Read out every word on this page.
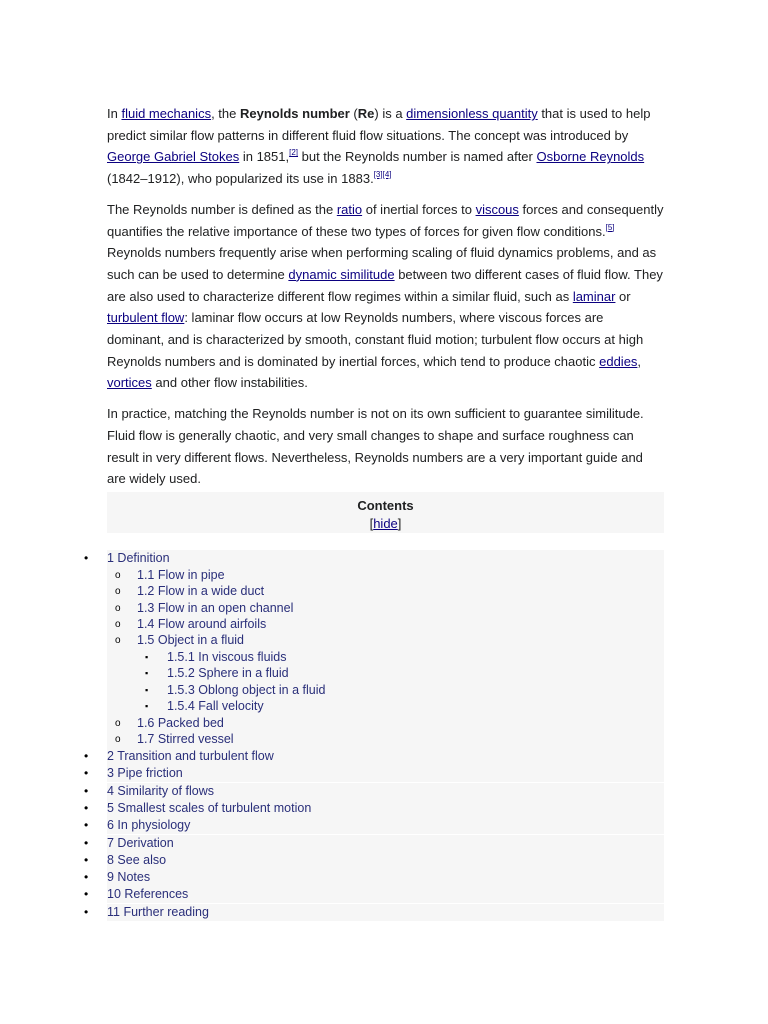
In fluid mechanics, the Reynolds number (Re) is a dimensionless quantity that is used to help predict similar flow patterns in different fluid flow situations. The concept was introduced by George Gabriel Stokes in 1851,[2] but the Reynolds number is named after Osborne Reynolds (1842–1912), who popularized its use in 1883.[3][4]

The Reynolds number is defined as the ratio of inertial forces to viscous forces and consequently quantifies the relative importance of these two types of forces for given flow conditions.[5] Reynolds numbers frequently arise when performing scaling of fluid dynamics problems, and as such can be used to determine dynamic similitude between two different cases of fluid flow. They are also used to characterize different flow regimes within a similar fluid, such as laminar or turbulent flow: laminar flow occurs at low Reynolds numbers, where viscous forces are dominant, and is characterized by smooth, constant fluid motion; turbulent flow occurs at high Reynolds numbers and is dominated by inertial forces, which tend to produce chaotic eddies, vortices and other flow instabilities.

In practice, matching the Reynolds number is not on its own sufficient to guarantee similitude. Fluid flow is generally chaotic, and very small changes to shape and surface roughness can result in very different flows. Nevertheless, Reynolds numbers are a very important guide and are widely used.

Contents
[hide]
• 1 Definition
o 1.1 Flow in pipe
o 1.2 Flow in a wide duct
o 1.3 Flow in an open channel
o 1.4 Flow around airfoils
o 1.5 Object in a fluid
▪ 1.5.1 In viscous fluids
▪ 1.5.2 Sphere in a fluid
▪ 1.5.3 Oblong object in a fluid
▪ 1.5.4 Fall velocity
o 1.6 Packed bed
o 1.7 Stirred vessel
• 2 Transition and turbulent flow
• 3 Pipe friction
• 4 Similarity of flows
• 5 Smallest scales of turbulent motion
• 6 In physiology
• 7 Derivation
• 8 See also
• 9 Notes
• 10 References
• 11 Further reading
